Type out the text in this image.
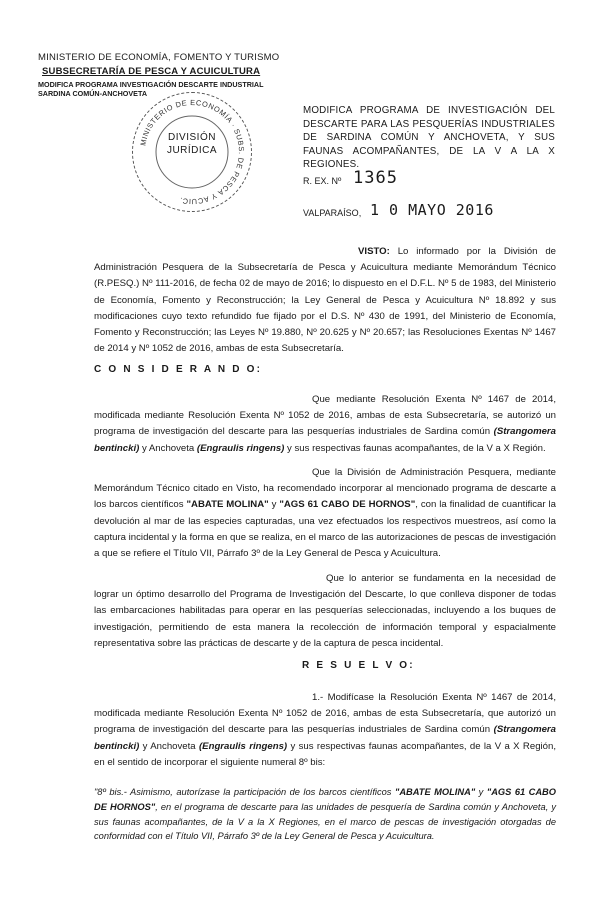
MINISTERIO DE ECONOMÍA, FOMENTO Y TURISMO
SUBSECRETARÍA DE PESCA Y ACUICULTURA
MODIFICA PROGRAMA INVESTIGACIÓN DESCARTE INDUSTRIAL
SARDINA COMÚN-ANCHOVETA
MINISTERIO DE ECONOMÍA · SUBS. DE PESCA Y ACUIC.
DIVISIÓN
JURÍDICA
MODIFICA PROGRAMA DE INVESTIGACIÓN DEL DESCARTE PARA LAS PESQUERÍAS INDUSTRIALES DE SARDINA COMÚN Y ANCHOVETA, Y SUS FAUNAS ACOMPAÑANTES, DE LA V A LA X REGIONES.
R. EX. Nº 1365
VALPARAÍSO, 1 0 MAYO 2016
VISTO: Lo informado por la División de Administración Pesquera de la Subsecretaría de Pesca y Acuicultura mediante Memorándum Técnico (R.PESQ.) Nº 111-2016, de fecha 02 de mayo de 2016; lo dispuesto en el D.F.L. Nº 5 de 1983, del Ministerio de Economía, Fomento y Reconstrucción; la Ley General de Pesca y Acuicultura Nº 18.892 y sus modificaciones cuyo texto refundido fue fijado por el D.S. Nº 430 de 1991, del Ministerio de Economía, Fomento y Reconstrucción; las Leyes Nº 19.880, Nº 20.625 y Nº 20.657; las Resoluciones Exentas Nº 1467 de 2014 y Nº 1052 de 2016, ambas de esta Subsecretaría.
C O N S I D E R A N D O:
Que mediante Resolución Exenta Nº 1467 de 2014, modificada mediante Resolución Exenta Nº 1052 de 2016, ambas de esta Subsecretaría, se autorizó un programa de investigación del descarte para las pesquerías industriales de Sardina común (Strangomera bentincki) y Anchoveta (Engraulis ringens) y sus respectivas faunas acompañantes, de la V a X Región.
Que la División de Administración Pesquera, mediante Memorándum Técnico citado en Visto, ha recomendado incorporar al mencionado programa de descarte a los barcos científicos "ABATE MOLINA" y "AGS 61 CABO DE HORNOS", con la finalidad de cuantificar la devolución al mar de las especies capturadas, una vez efectuados los respectivos muestreos, así como la captura incidental y la forma en que se realiza, en el marco de las autorizaciones de pescas de investigación a que se refiere el Título VII, Párrafo 3º de la Ley General de Pesca y Acuicultura.
Que lo anterior se fundamenta en la necesidad de lograr un óptimo desarrollo del Programa de Investigación del Descarte, lo que conlleva disponer de todas las embarcaciones habilitadas para operar en las pesquerías seleccionadas, incluyendo a los buques de investigación, permitiendo de esta manera la recolección de información temporal y espacialmente representativa sobre las prácticas de descarte y de la captura de pesca incidental.
R E S U E L V O:
1.- Modifícase la Resolución Exenta Nº 1467 de 2014, modificada mediante Resolución Exenta Nº 1052 de 2016, ambas de esta Subsecretaría, que autorizó un programa de investigación del descarte para las pesquerías industriales de Sardina común (Strangomera bentincki) y Anchoveta (Engraulis ringens) y sus respectivas faunas acompañantes, de la V a X Región, en el sentido de incorporar el siguiente numeral 8º bis:
"8º bis.- Asimismo, autorízase la participación de los barcos científicos "ABATE MOLINA" y "AGS 61 CABO DE HORNOS", en el programa de descarte para las unidades de pesquería de Sardina común y Anchoveta, y sus faunas acompañantes, de la V a la X Regiones, en el marco de pescas de investigación otorgadas de conformidad con el Título VII, Párrafo 3º de la Ley General de Pesca y Acuicultura.
